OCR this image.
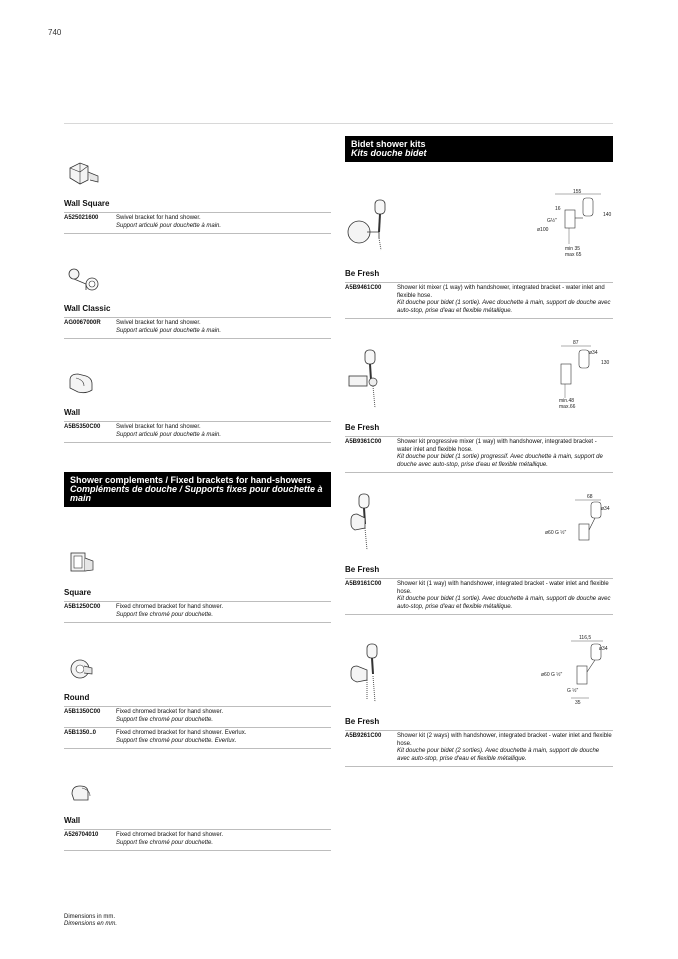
740
Wall Square
A525021600	Swivel bracket for hand shower.
Support articulé pour douchette à main.
Wall Classic
AG0067000R	Swivel bracket for hand shower.
Support articulé pour douchette à main.
Wall
A5B5350C00	Swivel bracket for hand shower.
Support articulé pour douchette à main.
Shower complements / Fixed brackets for hand-showers
Compléments de douche / Supports fixes pour douchette à main
Square
A5B1250C00	Fixed chromed bracket for hand shower.
Support fixe chromé pour douchette.
Round
A5B1350C00	Fixed chromed bracket for hand shower.
Support fixe chromé pour douchette.
A5B1350..0	Fixed chromed bracket for hand shower. Everlux.
Support fixe chromé pour douchette. Everlux.
Wall
A526704010	Fixed chromed bracket for hand shower.
Support fixe chromé pour douchette.
Bidet shower kits
Kits douche bidet
155
16
140
G½"
ø100
min 35
max 65
Be Fresh
A5B9461C00	Shower kit mixer (1 way) with handshower, integrated bracket - water inlet and flexible hose.
Kit douche pour bidet (1 sortie). Avec douchette à main, support de douche avec auto-stop, prise d'eau et flexible métallique.
87
ø34
130
min.48
max.66
Be Fresh
A5B9361C00	Shower kit progressive mixer (1 way) with handshower, integrated bracket - water inlet and flexible hose.
Kit douche pour bidet (1 sortie) progressif. Avec douchette à main, support de douche avec auto-stop, prise d'eau et flexible métallique.
68
ø34
ø60 G ½"
Be Fresh
A5B9161C00	Shower kit (1 way) with handshower, integrated bracket - water inlet and flexible hose.
Kit douche pour bidet (1 sortie). Avec douchette à main, support de douche avec auto-stop, prise d'eau et flexible métallique.
116,5
ø34
ø60 G ½"
G ½"
35
Be Fresh
A5B9261C00	Shower kit (2 ways) with handshower, integrated bracket - water inlet and flexible hose.
Kit douche pour bidet (2 sorties). Avec douchette à main, support de douche avec auto-stop, prise d'eau et flexible métallique.
Dimensions in mm.
Dimensions en mm.
